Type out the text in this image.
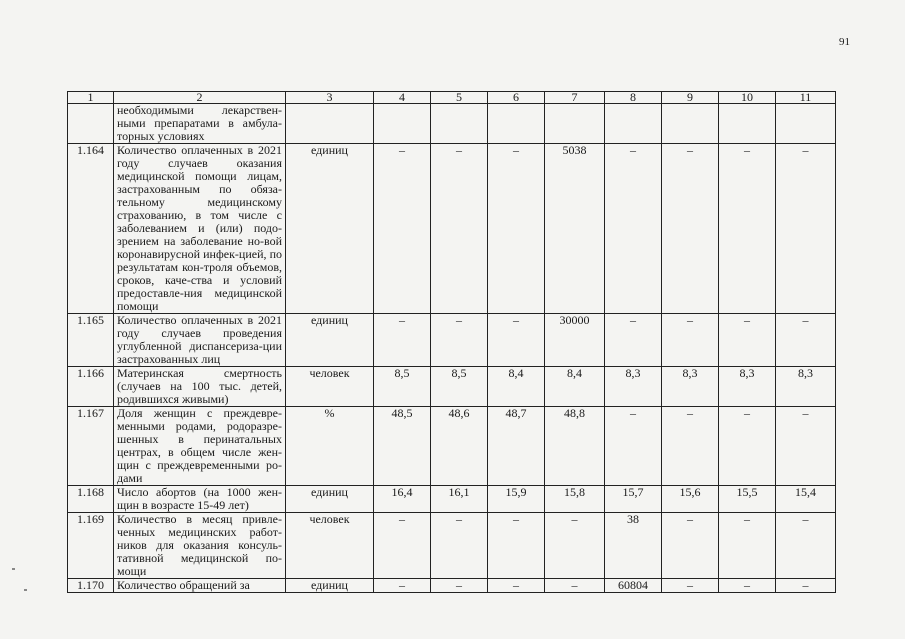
91
1	2	3	4	5	6	7	8	9	10	11
	необходимыми лекарствен-ными препаратами в амбула-торных условиях									
1.164	Количество оплаченных в 2021 году случаев оказания медицинской помощи лицам, застрахованным по обяза-тельному медицинскому страхованию, в том числе с заболеванием и (или) подо-зрением на заболевание но-вой коронавирусной инфек-цией, по результатам кон-троля объемов, сроков, каче-ства и условий предоставле-ния медицинской помощи	единиц	–	–	–	5038	–	–	–	–
1.165	Количество оплаченных в 2021 году случаев проведения углубленной диспансериза-ции застрахованных лиц	единиц	–	–	–	30000	–	–	–	–
1.166	Материнская смертность (случаев на 100 тыс. детей, родившихся живыми)	человек	8,5	8,5	8,4	8,4	8,3	8,3	8,3	8,3
1.167	Доля женщин с преждевре-менными родами, родоразре-шенных в перинатальных центрах, в общем числе жен-щин с преждевременными ро-дами	%	48,5	48,6	48,7	48,8	–	–	–	–
1.168	Число абортов (на 1000 жен-щин в возрасте 15-49 лет)	единиц	16,4	16,1	15,9	15,8	15,7	15,6	15,5	15,4
1.169	Количество в месяц привле-ченных медицинских работ-ников для оказания консуль-тативной медицинской по-мощи	человек	–	–	–	–	38	–	–	–
1.170	Количество обращений за	единиц	–	–	–	–	60804	–	–	–
